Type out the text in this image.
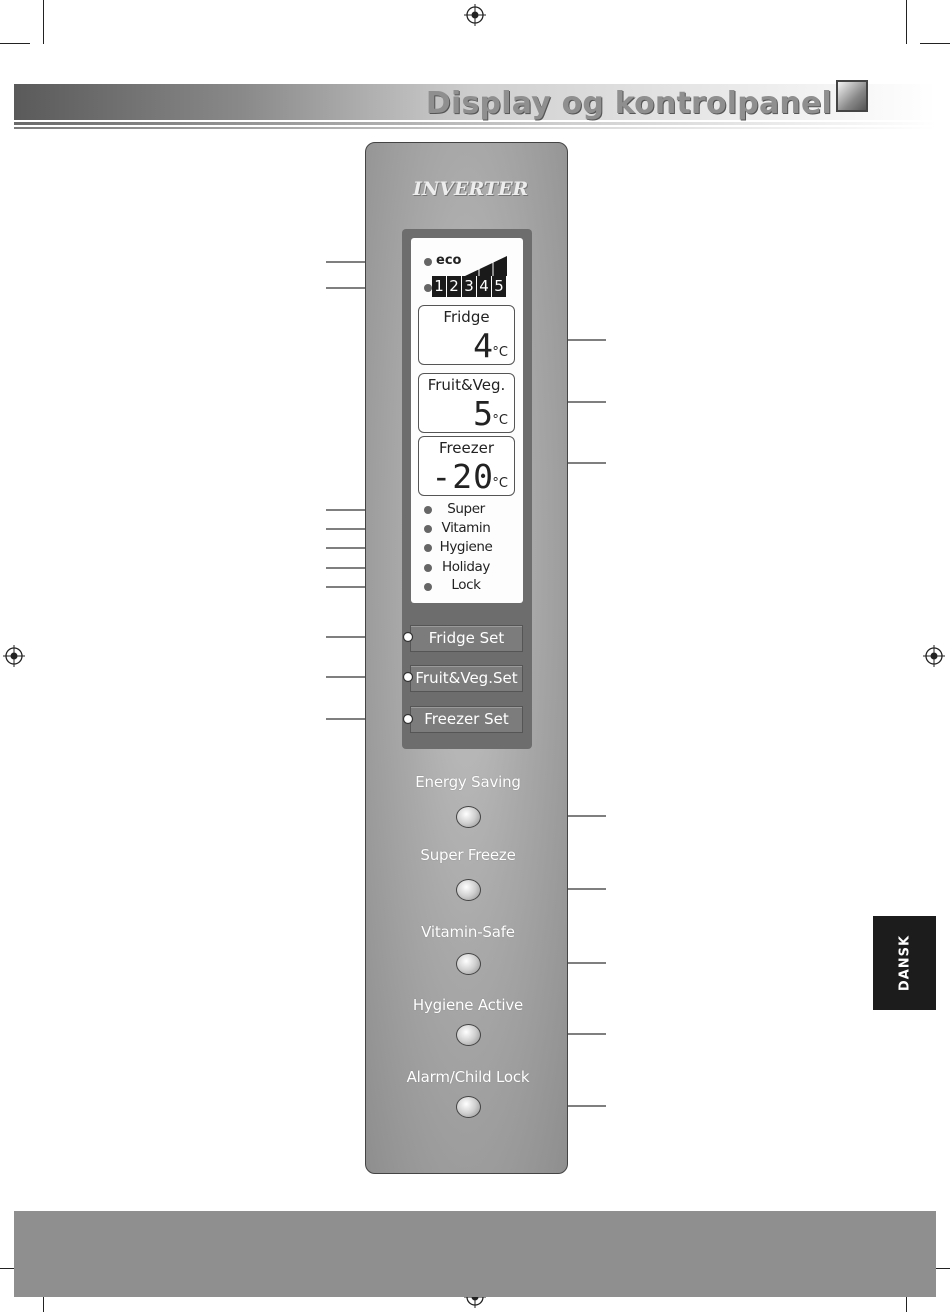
Display og kontrolpanel
INVERTER
eco
1 2 3 4 5
Fridge
4
°C
Fruit&Veg.
5
°C
Freezer
-20
°C
Super
Vitamin
Hygiene
Holiday
Lock
Fridge Set
Fruit&Veg.Set
Freezer Set
Energy Saving
Super Freeze
Vitamin-Safe
Hygiene Active
Alarm/Child Lock
DANSK
